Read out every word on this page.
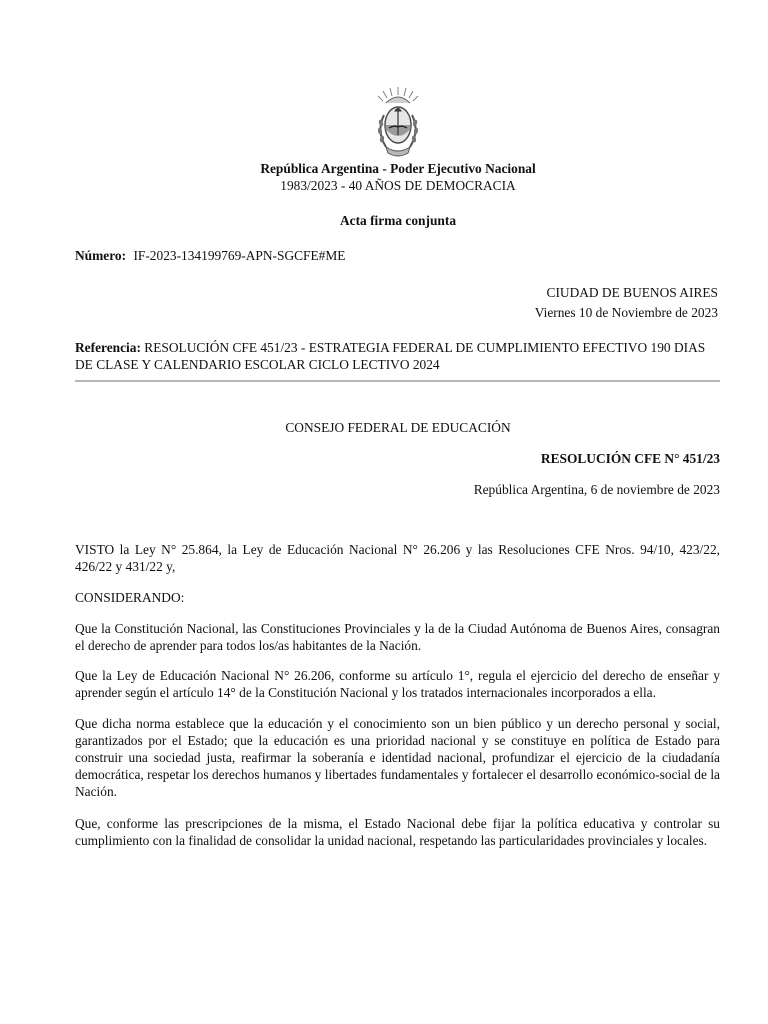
República Argentina - Poder Ejecutivo Nacional
1983/2023 - 40 AÑOS DE DEMOCRACIA
Acta firma conjunta
Número: IF-2023-134199769-APN-SGCFE#ME
CIUDAD DE BUENOS AIRES
Viernes 10 de Noviembre de 2023
Referencia: RESOLUCIÓN CFE 451/23 - ESTRATEGIA FEDERAL DE CUMPLIMIENTO EFECTIVO 190 DIAS DE CLASE Y CALENDARIO ESCOLAR CICLO LECTIVO 2024
CONSEJO FEDERAL DE EDUCACIÓN
RESOLUCIÓN CFE N° 451/23
República Argentina, 6 de noviembre de 2023

VISTO la Ley N° 25.864, la Ley de Educación Nacional N° 26.206 y las Resoluciones CFE Nros. 94/10, 423/22, 426/22 y 431/22 y,

CONSIDERANDO:

Que la Constitución Nacional, las Constituciones Provinciales y la de la Ciudad Autónoma de Buenos Aires, consagran el derecho de aprender para todos los/as habitantes de la Nación.

Que la Ley de Educación Nacional N° 26.206, conforme su artículo 1°, regula el ejercicio del derecho de enseñar y aprender según el artículo 14° de la Constitución Nacional y los tratados internacionales incorporados a ella.

Que dicha norma establece que la educación y el conocimiento son un bien público y un derecho personal y social, garantizados por el Estado; que la educación es una prioridad nacional y se constituye en política de Estado para construir una sociedad justa, reafirmar la soberanía e identidad nacional, profundizar el ejercicio de la ciudadanía democrática, respetar los derechos humanos y libertades fundamentales y fortalecer el desarrollo económico-social de la Nación.

Que, conforme las prescripciones de la misma, el Estado Nacional debe fijar la política educativa y controlar su cumplimiento con la finalidad de consolidar la unidad nacional, respetando las particularidades provinciales y locales.
